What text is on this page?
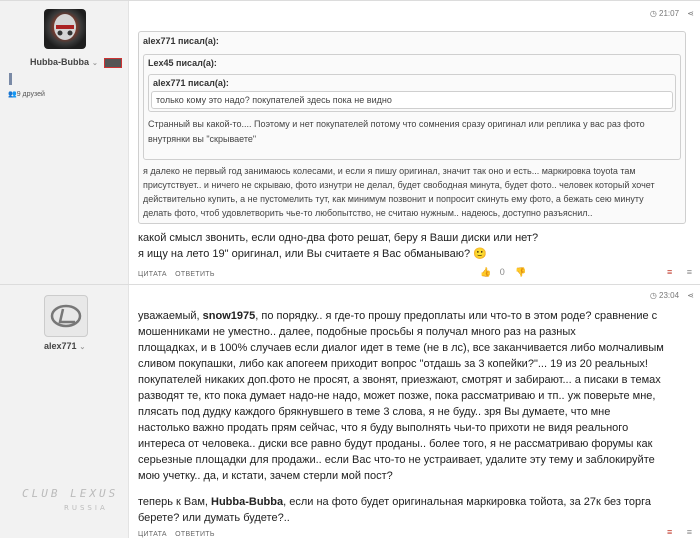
Hubba-Bubba ⌄
👥9 друзей
◷ 21:07 ⋖
alex771 писал(а):
Lex45 писал(а):
alex771 писал(а):
только кому это надо? покупателей здесь пока не видно
Странный вы какой-то.... Поэтому и нет покупателей потому что сомнения сразу оригинал или реплика у вас раз фото
внутрянки вы "скрываете"
я далеко не первый год занимаюсь колесами, и если я пишу оригинал, значит так оно и есть... маркировка toyota там
присутствует.. и ничего не скрываю, фото изнутри не делал, будет свободная минута, будет фото.. человек который хочет
действительно купить, а не пустомелить тут, как минимум позвонит и попросит скинуть ему фото, а бежать сею минуту
делать фото, чтоб удовлетворить чье-то любопытство, не считаю нужным.. надеюсь, доступно разъяснил..
какой смысл звонить, если одно-два фото решат, беру я Ваши диски или нет?
я ищу на лето 19" оригинал, или Вы считаете я Вас обманываю? 🙂
ЦИТАТА ОТВЕТИТЬ	👍 0 👎	≡ ≡
alex771 ⌄
◷ 23:04 ⋖
уважаемый, snow1975, по порядку.. я где-то прошу предоплаты или что-то в этом роде? сравнение с
мошенниками не уместно.. далее, подобные просьбы я получал много раз на разных
площадках, и в 100% случаев если диалог идет в теме (не в лс), все заканчивается либо молчаливым
сливом покупашки, либо как апогеем приходит вопрос "отдашь за 3 копейки?"... 19 из 20 реальных!
покупателей никаких доп.фото не просят, а звонят, приезжают, смотрят и забирают... а писаки в темах
разводят те, кто пока думает надо-не надо, может позже, пока рассматриваю и тп.. уж поверьте мне,
плясать под дудку каждого брякнувшего в теме 3 слова, я не буду.. зря Вы думаете, что мне
настолько важно продать прям сейчас, что я буду выполнять чьи-то прихоти не видя реального
интереса от человека.. диски все равно будут проданы.. более того, я не рассматриваю форумы как
серьезные площадки для продажи.. если Вас что-то не устраивает, удалите эту тему и заблокируйте
мою учетку.. да, и кстати, зачем стерли мой пост?
теперь к Вам, Hubba-Bubba, если на фото будет оригинальная маркировка тойота, за 27к без торга
берете? или думать будете?..
ЦИТАТА ОТВЕТИТЬ	≡ ≡
CLUB LEXUS
RUSSIA
